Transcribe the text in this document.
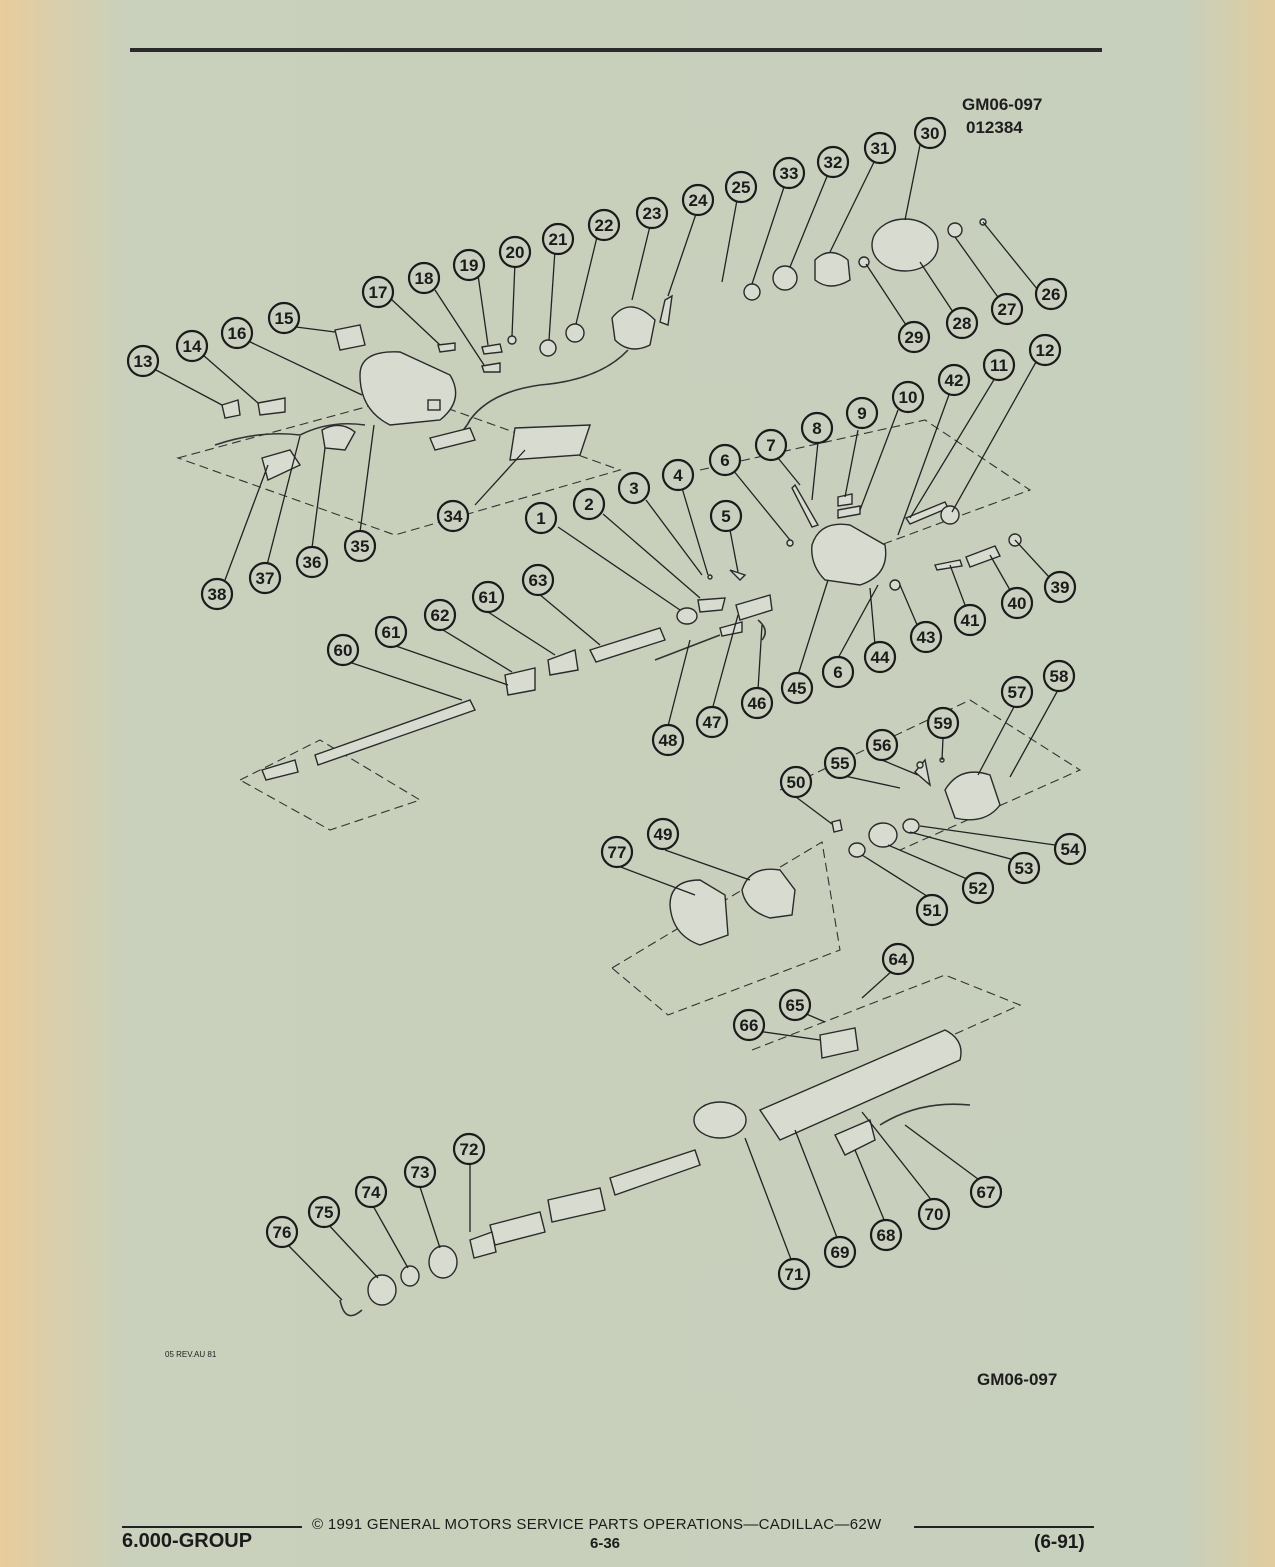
GM06-097
012384
1
2
3
4
5
6
6
7
8
9
10
11
12
13
14
15
16
17
18
19
20
21
22
23
24
25
26
27
28
29
30
31
32
33
34
35
36
37
38	39
40
41
42
43
44
45
46
47
48
49
50
51
52
53
54
55
56
57
58
59
60
61
61
62
63
64
65
66
67
68
69
70
71
72
73
74
75
76
77
05 REV.AU 81
GM06-097
6.000-GROUP
© 1991 GENERAL MOTORS SERVICE PARTS OPERATIONS—CADILLAC—62W
6-36	(6-91)
